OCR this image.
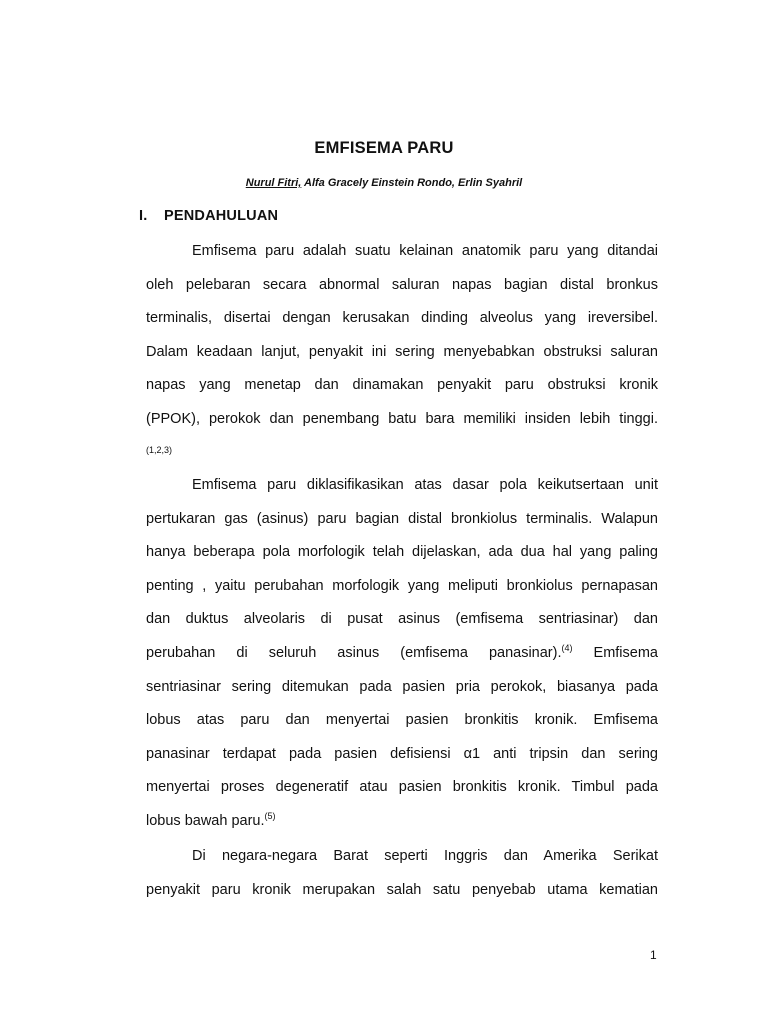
EMFISEMA PARU
Nurul Fitri, Alfa Gracely Einstein Rondo, Erlin Syahril
I. PENDAHULUAN
Emfisema paru adalah suatu kelainan anatomik paru yang ditandai
oleh pelebaran secara abnormal saluran napas bagian distal bronkus
terminalis, disertai dengan kerusakan dinding alveolus yang ireversibel.
Dalam keadaan lanjut, penyakit ini sering menyebabkan obstruksi saluran
napas yang menetap dan dinamakan penyakit paru obstruksi kronik
(PPOK), perokok dan penembang batu bara memiliki insiden lebih tinggi.
(1,2,3)
Emfisema paru diklasifikasikan atas dasar pola keikutsertaan unit
pertukaran gas (asinus) paru bagian distal bronkiolus terminalis. Walapun
hanya beberapa pola morfologik telah dijelaskan, ada dua hal yang paling
penting , yaitu perubahan morfologik yang meliputi bronkiolus pernapasan
dan duktus alveolaris di pusat asinus (emfisema sentriasinar) dan
perubahan di seluruh asinus (emfisema panasinar).$^{(4)}$ Emfisema
sentriasinar sering ditemukan pada pasien pria perokok, biasanya pada
lobus atas paru dan menyertai pasien bronkitis kronik. Emfisema
panasinar terdapat pada pasien defisiensi α1 anti tripsin dan sering
menyertai proses degeneratif atau pasien bronkitis kronik. Timbul pada
lobus bawah paru.$^{(5)}$
Di negara-negara Barat seperti Inggris dan Amerika Serikat
penyakit paru kronik merupakan salah satu penyebab utama kematian
1
